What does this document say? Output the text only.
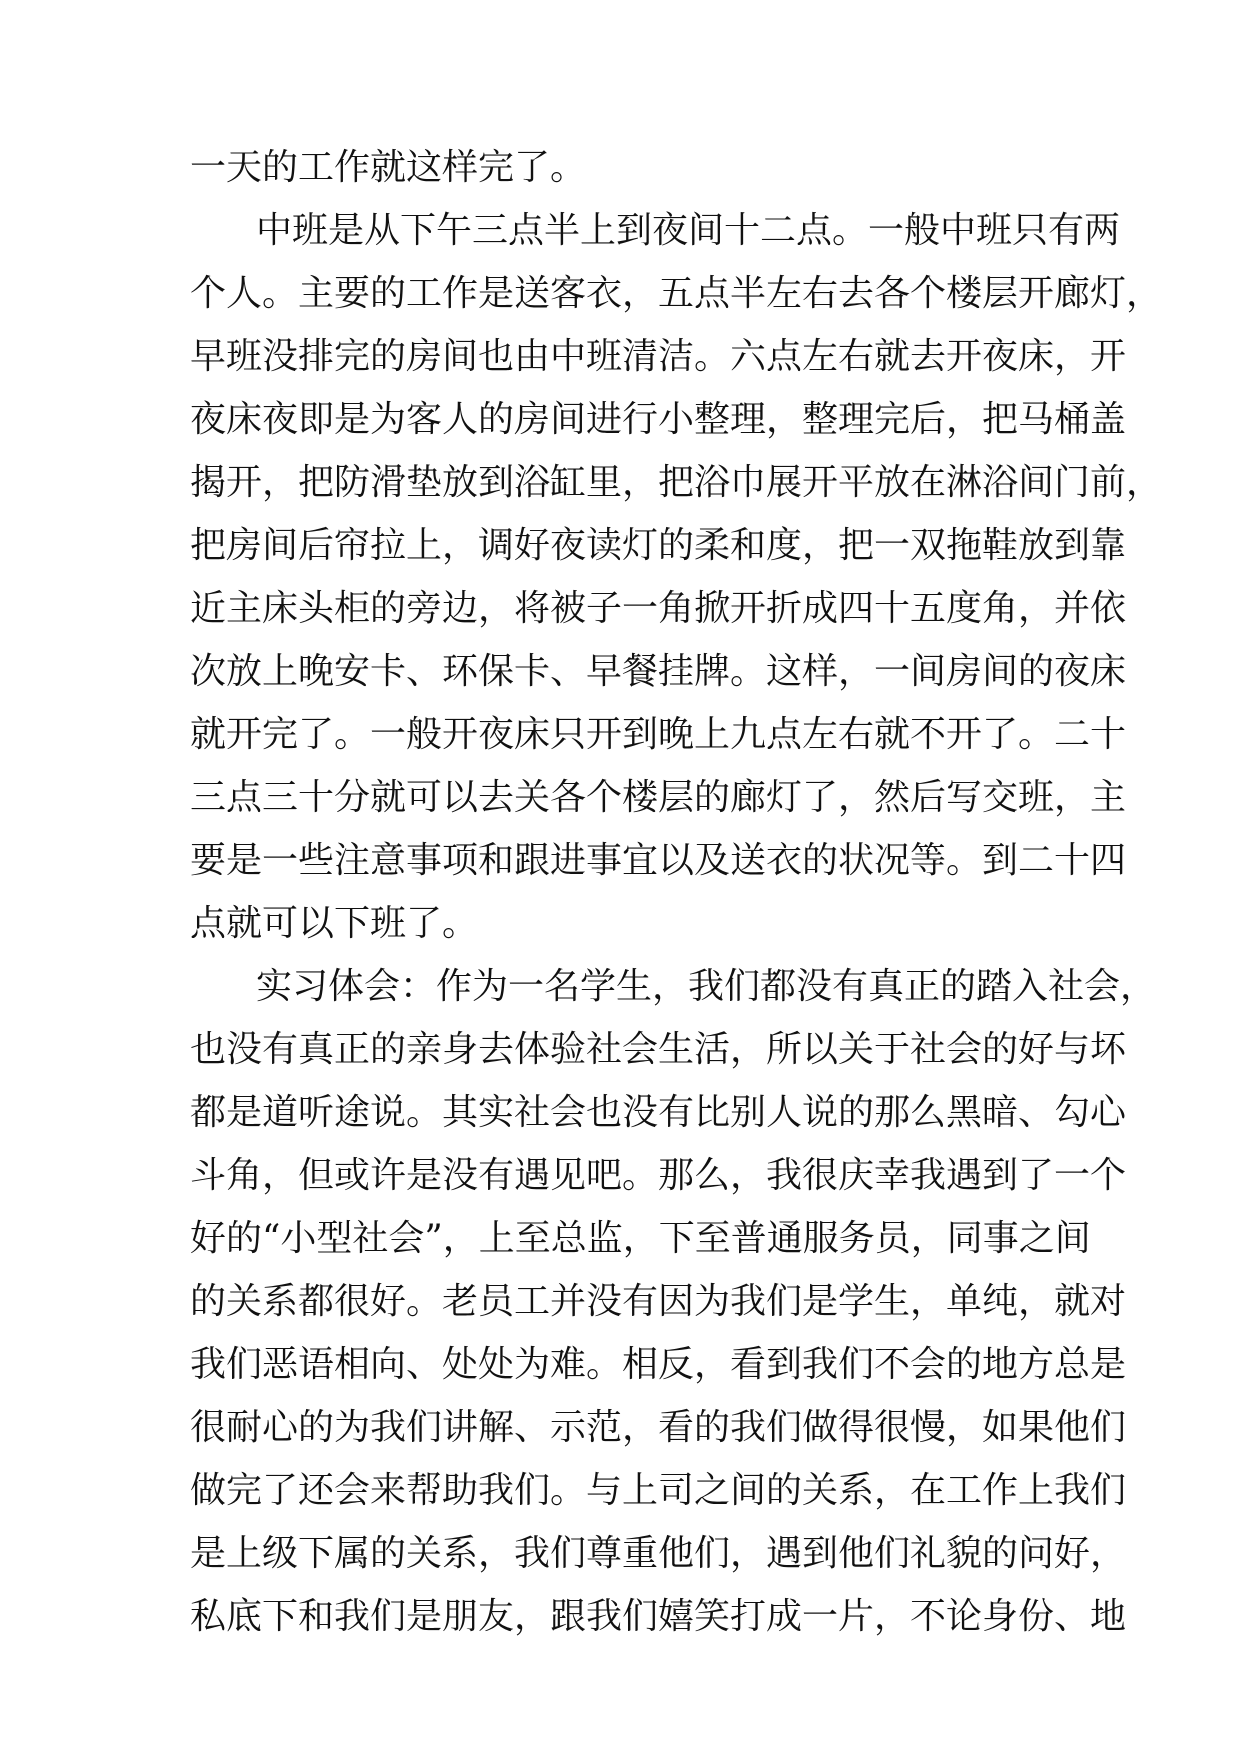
一天的工作就这样完了。
中班是从下午三点半上到夜间十二点。一般中班只有两
个人。主要的工作是送客衣，五点半左右去各个楼层开廊灯，
早班没排完的房间也由中班清洁。六点左右就去开夜床，开
夜床夜即是为客人的房间进行小整理，整理完后，把马桶盖
揭开，把防滑垫放到浴缸里，把浴巾展开平放在淋浴间门前，
把房间后帘拉上，调好夜读灯的柔和度，把一双拖鞋放到靠
近主床头柜的旁边，将被子一角掀开折成四十五度角，并依
次放上晚安卡、环保卡、早餐挂牌。这样，一间房间的夜床
就开完了。一般开夜床只开到晚上九点左右就不开了。二十
三点三十分就可以去关各个楼层的廊灯了，然后写交班，主
要是一些注意事项和跟进事宜以及送衣的状况等。到二十四
点就可以下班了。
实习体会：作为一名学生，我们都没有真正的踏入社会，
也没有真正的亲身去体验社会生活，所以关于社会的好与坏
都是道听途说。其实社会也没有比别人说的那么黑暗、勾心
斗角，但或许是没有遇见吧。那么，我很庆幸我遇到了一个
好的“小型社会”，上至总监，下至普通服务员，同事之间
的关系都很好。老员工并没有因为我们是学生，单纯，就对
我们恶语相向、处处为难。相反，看到我们不会的地方总是
很耐心的为我们讲解、示范，看的我们做得很慢，如果他们
做完了还会来帮助我们。与上司之间的关系，在工作上我们
是上级下属的关系，我们尊重他们，遇到他们礼貌的问好，
私底下和我们是朋友，跟我们嬉笑打成一片，不论身份、地
